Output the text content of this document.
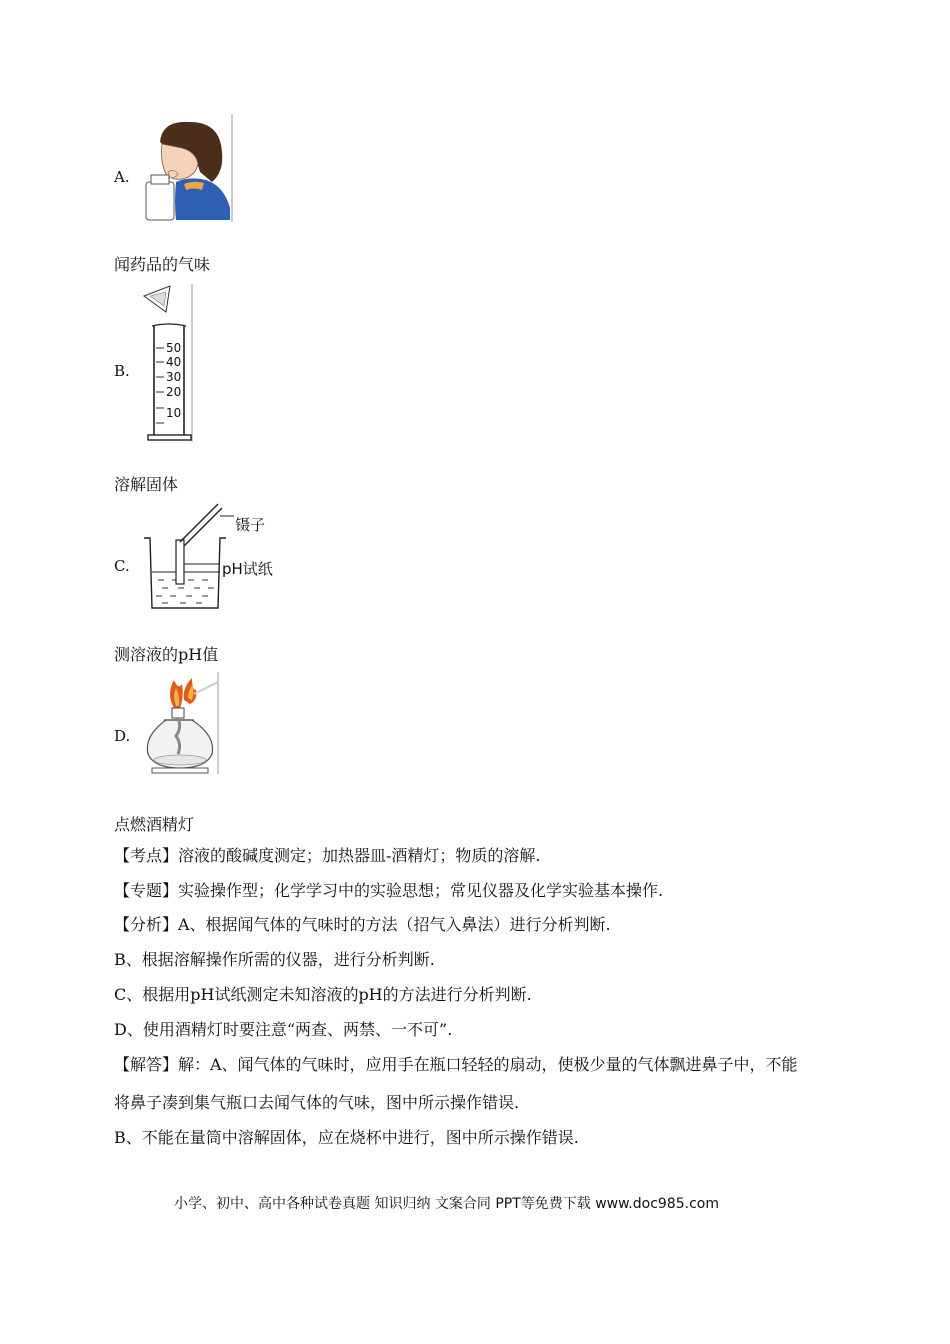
A.
闻药品的气味
B.
50
40
30
20
10
溶解固体
C.
镊子
pH试纸
测溶液的pH值
D.
点燃酒精灯
【考点】溶液的酸碱度测定；加热器皿-酒精灯；物质的溶解.
【专题】实验操作型；化学学习中的实验思想；常见仪器及化学实验基本操作.
【分析】A、根据闻气体的气味时的方法（招气入鼻法）进行分析判断.
B、根据溶解操作所需的仪器，进行分析判断.
C、根据用pH试纸测定未知溶液的pH的方法进行分析判断.
D、使用酒精灯时要注意“两查、两禁、一不可”.
【解答】解：A、闻气体的气味时，应用手在瓶口轻轻的扇动，使极少量的气体飘进鼻子中，不能
将鼻子凑到集气瓶口去闻气体的气味，图中所示操作错误.
B、不能在量筒中溶解固体，应在烧杯中进行，图中所示操作错误.
小学、初中、高中各种试卷真题 知识归纳 文案合同 PPT等免费下载 www.doc985.com
